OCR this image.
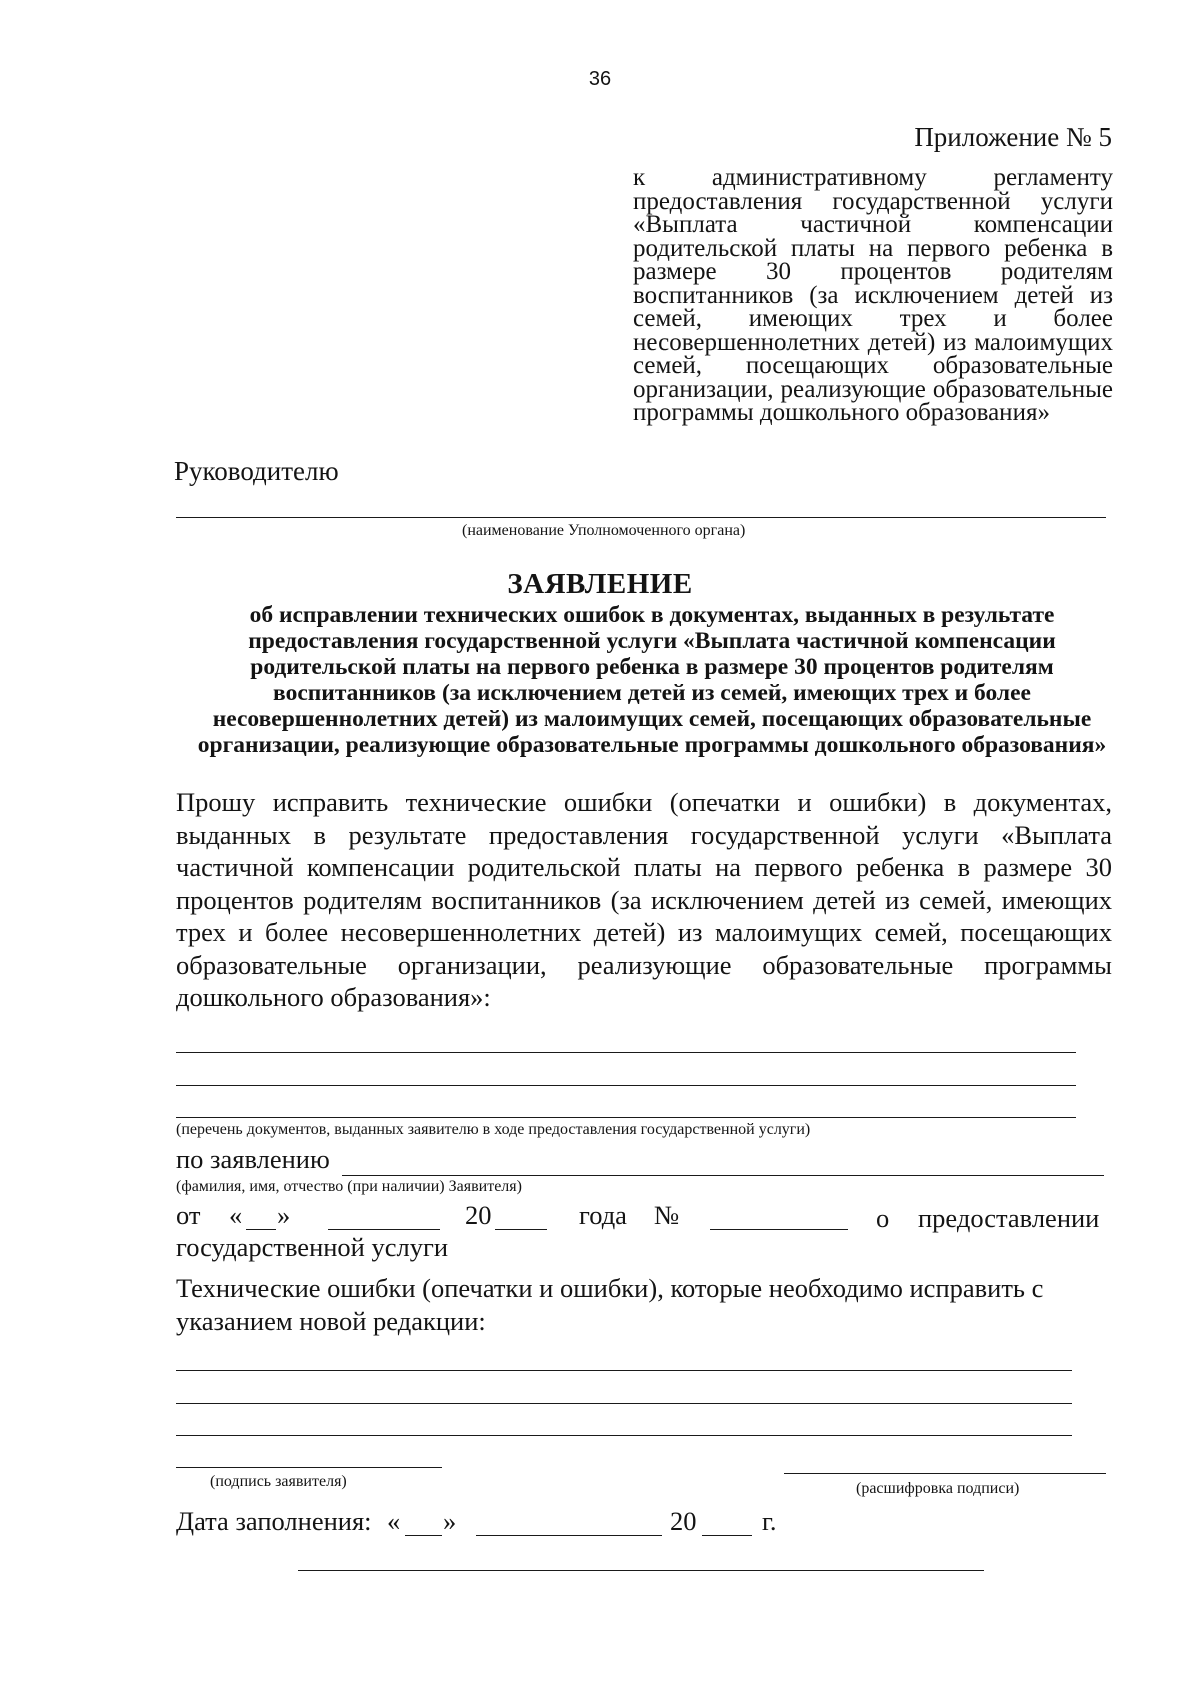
36
Приложение № 5
к административному регламенту предоставления государственной услуги «Выплата частичной компенсации родительской платы на первого ребенка в размере 30 процентов родителям воспитанников (за исключением детей из семей, имеющих трех и более несовершеннолетних детей) из малоимущих семей, посещающих образовательные организации, реализующие образовательные программы дошкольного образования»
Руководителю
(наименование Уполномоченного органа)
ЗАЯВЛЕНИЕ
об исправлении технических ошибок в документах, выданных в результате предоставления государственной услуги «Выплата частичной компенсации родительской платы на первого ребенка в размере 30 процентов родителям воспитанников (за исключением детей из семей, имеющих трех и более несовершеннолетних детей) из малоимущих семей, посещающих образовательные организации, реализующие образовательные программы дошкольного образования»
Прошу исправить технические ошибки (опечатки и ошибки) в документах, выданных в результате предоставления государственной услуги «Выплата частичной компенсации родительской платы на первого ребенка в размере 30 процентов родителям воспитанников (за исключением детей из семей, имеющих трех и более несовершеннолетних детей) из малоимущих семей, посещающих образовательные организации, реализующие образовательные программы дошкольного образования»:
(перечень документов, выданных заявителю в ходе предоставления государственной услуги)
по заявлению
(фамилия, имя, отчество (при наличии) Заявителя)
от « »	20	года №	о предоставлении
государственной услуги
Технические ошибки (опечатки и ошибки), которые необходимо исправить с
указанием новой редакции:
(подпись заявителя)	(расшифровка подписи)
Дата заполнения: « »	20 г.
